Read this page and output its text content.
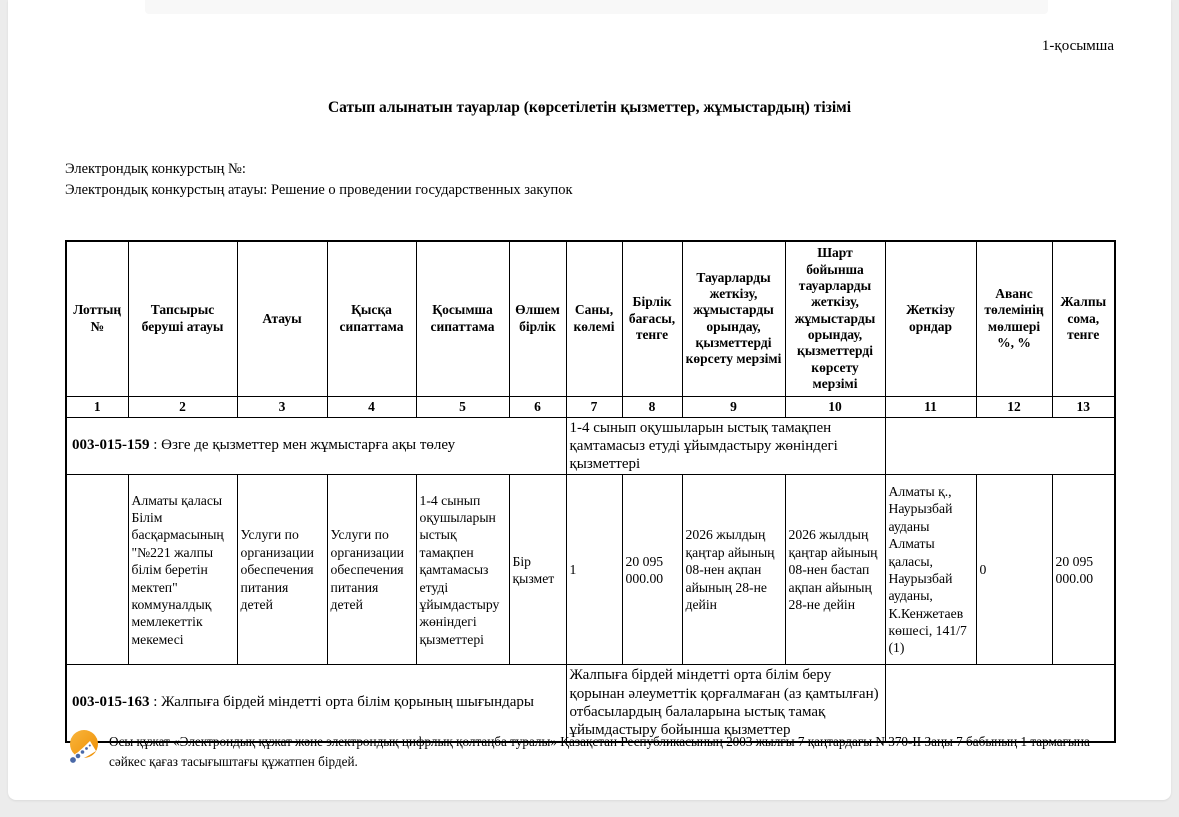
1-қосымша
Сатып алынатын тауарлар (көрсетілетін қызметтер, жұмыстардың) тізімі
Электрондық конкурстың №:
Электрондық конкурстың атауы: Решение о проведении государственных закупок
Лоттың №	Тапсырыс беруші атауы	Атауы	Қысқа сипаттама	Қосымша сипаттама	Өлшем бірлік	Саны, көлемі	Бірлік бағасы, тенге	Тауарларды жеткізу, жұмыстарды орындау, қызметтерді көрсету мерзімі	Шарт бойынша тауарларды жеткізу, жұмыстарды орындау, қызметтерді көрсету мерзімі	Жеткізу орндар	Аванс төлемінің мөлшері %, %	Жалпы сома, тенге
1	2	3	4	5	6	7	8	9	10	11	12	13
003-015-159 : Өзге де қызметтер мен жұмыстарға ақы төлеу						1-4 сынып оқушыларын ыстық тамақпен қамтамасыз етуді ұйымдастыру жөніндегі қызметтері						
	Алматы қаласы Білім басқармасының "№221 жалпы білім беретін мектеп" коммуналдық мемлекеттік мекемесі	Услуги по организации обеспечения питания детей	Услуги по организации обеспечения питания детей	1-4 сынып оқушыларын ыстық тамақпен қамтамасыз етуді ұйымдастыру жөніндегі қызметтері	Бір қызмет	1	20 095 000.00	2026 жылдың қаңтар айының 08-нен ақпан айының 28-не дейін	2026 жылдың қаңтар айының 08-нен бастап ақпан айының 28-не дейін	Алматы қ., Наурызбай ауданы Алматы қаласы, Наурызбай ауданы, К.Кенжетаев көшесі, 141/7 (1)	0	20 095 000.00
003-015-163 : Жалпыға бірдей міндетті орта білім қорының шығындары						Жалпыға бірдей міндетті орта білім беру қорынан әлеуметтік қорғалмаған (аз қамтылған) отбасылардың балаларына ыстық тамақ ұйымдастыру бойынша қызметтер						
Осы құжат «Электрондық құжат және электрондық цифрлық қолтаңба туралы» Қазақстан Республикасының 2003 жылғы 7 қаңтардағы N 370-II Заңы 7 бабының 1 тармағына сәйкес қағаз тасығыштағы құжатпен бірдей.
